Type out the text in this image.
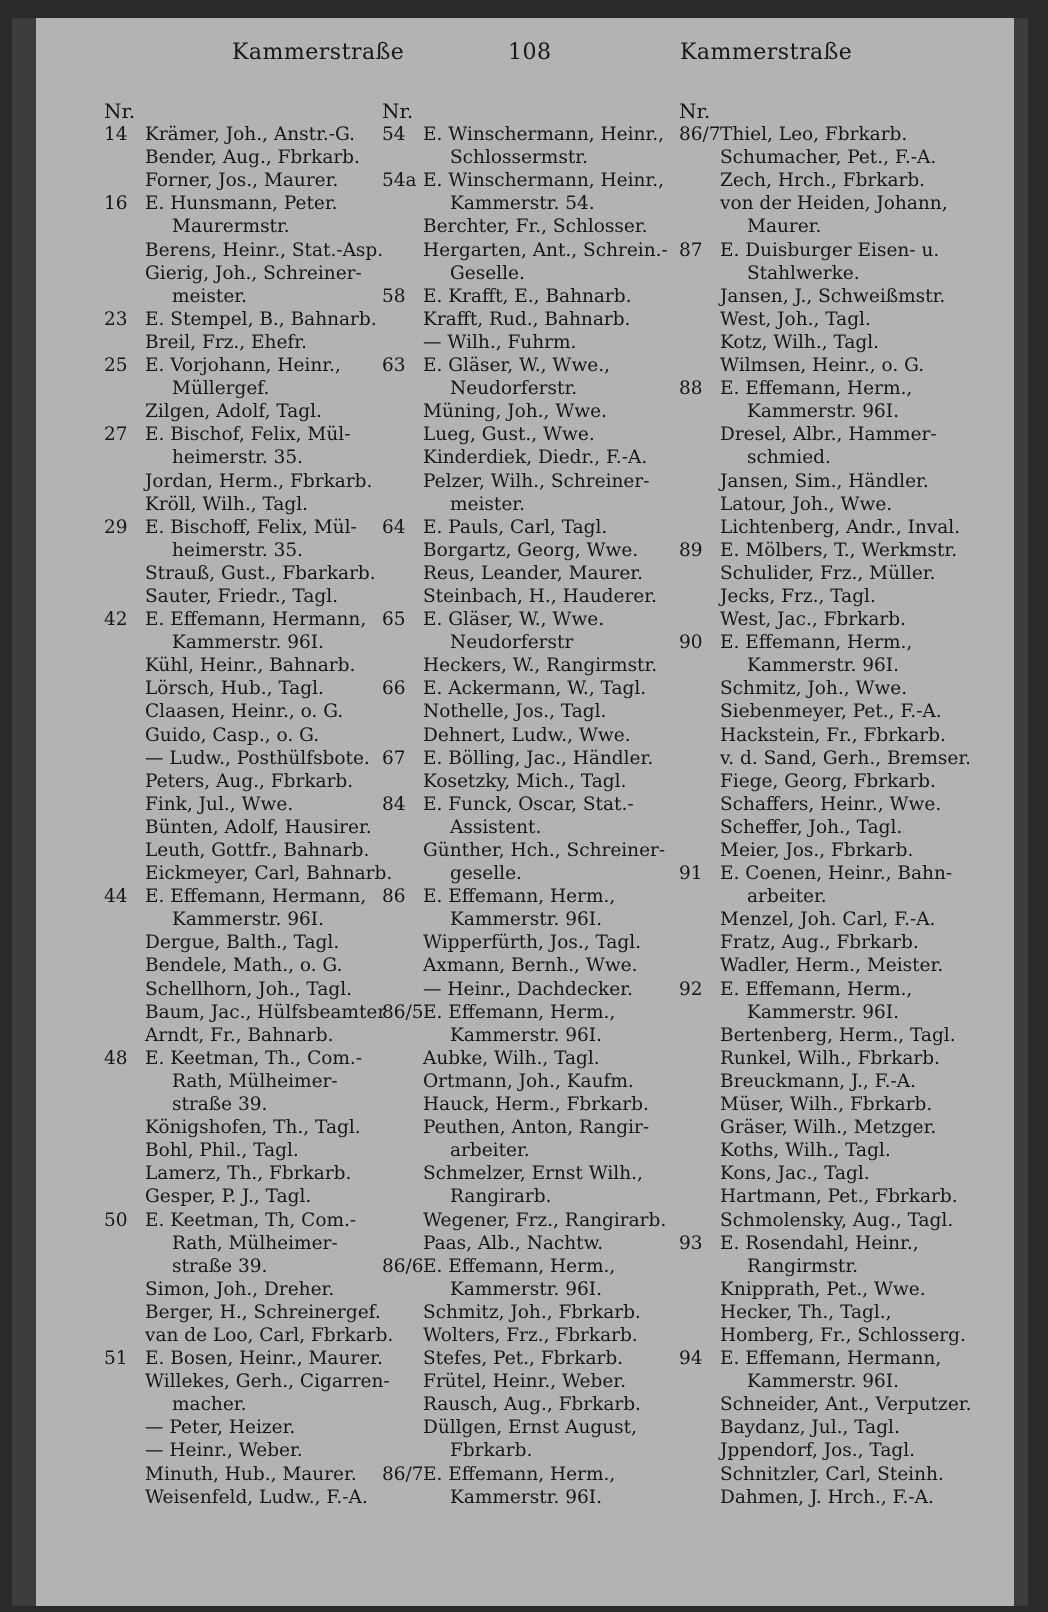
Kammerstraße	108	Kammerstraße
Nr.
14 Krämer, Joh., Anstr.-G.
Bender, Aug., Fbrkarb.
Forner, Jos., Maurer.
16 E. Hunsmann, Peter.
Maurermstr.
Berens, Heinr., Stat.-Asp.
Gierig, Joh., Schreiner-
meister.
23 E. Stempel, B., Bahnarb.
Breil, Frz., Ehefr.
25 E. Vorjohann, Heinr.,
Müllergef.
Zilgen, Adolf, Tagl.
27 E. Bischof, Felix, Mül-
heimerstr. 35.
Jordan, Herm., Fbrkarb.
Kröll, Wilh., Tagl.
29 E. Bischoff, Felix, Mül-
heimerstr. 35.
Strauß, Gust., Fbarkarb.
Sauter, Friedr., Tagl.
42 E. Effemann, Hermann,
Kammerstr. 96I.
Kühl, Heinr., Bahnarb.
Lörsch, Hub., Tagl.
Claasen, Heinr., o. G.
Guido, Casp., o. G.
— Ludw., Posthülfsbote.
Peters, Aug., Fbrkarb.
Fink, Jul., Wwe.
Bünten, Adolf, Hausirer.
Leuth, Gottfr., Bahnarb.
Eickmeyer, Carl, Bahnarb.
44 E. Effemann, Hermann,
Kammerstr. 96I.
Dergue, Balth., Tagl.
Bendele, Math., o. G.
Schellhorn, Joh., Tagl.
Baum, Jac., Hülfsbeamter
Arndt, Fr., Bahnarb.
48 E. Keetman, Th., Com.-
Rath, Mülheimer-
straße 39.
Königshofen, Th., Tagl.
Bohl, Phil., Tagl.
Lamerz, Th., Fbrkarb.
Gesper, P. J., Tagl.
50 E. Keetman, Th, Com.-
Rath, Mülheimer-
straße 39.
Simon, Joh., Dreher.
Berger, H., Schreinergef.
van de Loo, Carl, Fbrkarb.
51 E. Bosen, Heinr., Maurer.
Willekes, Gerh., Cigarren-
macher.
— Peter, Heizer.
— Heinr., Weber.
Minuth, Hub., Maurer.
Weisenfeld, Ludw., F.-A.
Nr.
54 E. Winschermann, Heinr.,
Schlossermstr.
54a E. Winschermann, Heinr.,
Kammerstr. 54.
Berchter, Fr., Schlosser.
Hergarten, Ant., Schrein.-
Geselle.
58 E. Krafft, E., Bahnarb.
Krafft, Rud., Bahnarb.
— Wilh., Fuhrm.
63 E. Gläser, W., Wwe.,
Neudorferstr.
Müning, Joh., Wwe.
Lueg, Gust., Wwe.
Kinderdiek, Diedr., F.-A.
Pelzer, Wilh., Schreiner-
meister.
64 E. Pauls, Carl, Tagl.
Borgartz, Georg, Wwe.
Reus, Leander, Maurer.
Steinbach, H., Hauderer.
65 E. Gläser, W., Wwe.
Neudorferstr
Heckers, W., Rangirmstr.
66 E. Ackermann, W., Tagl.
Nothelle, Jos., Tagl.
Dehnert, Ludw., Wwe.
67 E. Bölling, Jac., Händler.
Kosetzky, Mich., Tagl.
84 E. Funck, Oscar, Stat.-
Assistent.
Günther, Hch., Schreiner-
geselle.
86 E. Effemann, Herm.,
Kammerstr. 96I.
Wipperfürth, Jos., Tagl.
Axmann, Bernh., Wwe.
— Heinr., Dachdecker.
86/5 E. Effemann, Herm.,
Kammerstr. 96I.
Aubke, Wilh., Tagl.
Ortmann, Joh., Kaufm.
Hauck, Herm., Fbrkarb.
Peuthen, Anton, Rangir-
arbeiter.
Schmelzer, Ernst Wilh.,
Rangirarb.
Wegener, Frz., Rangirarb.
Paas, Alb., Nachtw.
86/6 E. Effemann, Herm.,
Kammerstr. 96I.
Schmitz, Joh., Fbrkarb.
Wolters, Frz., Fbrkarb.
Stefes, Pet., Fbrkarb.
Frütel, Heinr., Weber.
Rausch, Aug., Fbrkarb.
Düllgen, Ernst August,
Fbrkarb.
86/7 E. Effemann, Herm.,
Kammerstr. 96I.
Nr.
86/7 Thiel, Leo, Fbrkarb.
Schumacher, Pet., F.-A.
Zech, Hrch., Fbrkarb.
von der Heiden, Johann,
Maurer.
87 E. Duisburger Eisen- u.
Stahlwerke.
Jansen, J., Schweißmstr.
West, Joh., Tagl.
Kotz, Wilh., Tagl.
Wilmsen, Heinr., o. G.
88 E. Effemann, Herm.,
Kammerstr. 96I.
Dresel, Albr., Hammer-
schmied.
Jansen, Sim., Händler.
Latour, Joh., Wwe.
Lichtenberg, Andr., Inval.
89 E. Mölbers, T., Werkmstr.
Schulider, Frz., Müller.
Jecks, Frz., Tagl.
West, Jac., Fbrkarb.
90 E. Effemann, Herm.,
Kammerstr. 96I.
Schmitz, Joh., Wwe.
Siebenmeyer, Pet., F.-A.
Hackstein, Fr., Fbrkarb.
v. d. Sand, Gerh., Bremser.
Fiege, Georg, Fbrkarb.
Schaffers, Heinr., Wwe.
Scheffer, Joh., Tagl.
Meier, Jos., Fbrkarb.
91 E. Coenen, Heinr., Bahn-
arbeiter.
Menzel, Joh. Carl, F.-A.
Fratz, Aug., Fbrkarb.
Wadler, Herm., Meister.
92 E. Effemann, Herm.,
Kammerstr. 96I.
Bertenberg, Herm., Tagl.
Runkel, Wilh., Fbrkarb.
Breuckmann, J., F.-A.
Müser, Wilh., Fbrkarb.
Gräser, Wilh., Metzger.
Koths, Wilh., Tagl.
Kons, Jac., Tagl.
Hartmann, Pet., Fbrkarb.
Schmolensky, Aug., Tagl.
93 E. Rosendahl, Heinr.,
Rangirmstr.
Knipprath, Pet., Wwe.
Hecker, Th., Tagl.,
Homberg, Fr., Schlosserg.
94 E. Effemann, Hermann,
Kammerstr. 96I.
Schneider, Ant., Verputzer.
Baydanz, Jul., Tagl.
Jppendorf, Jos., Tagl.
Schnitzler, Carl, Steinh.
Dahmen, J. Hrch., F.-A.
